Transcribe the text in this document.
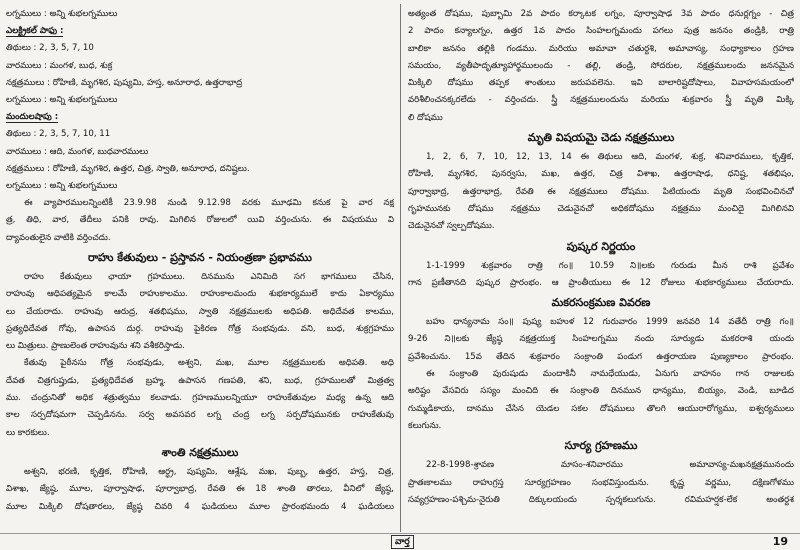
లగ్నములు : అన్ని శుభలగ్నములు
ఎలక్ట్రికల్ పాఫు :
తిథులు : 2, 3, 5, 7, 10
వారములు : మంగళ, బుధ, శుక్ర
నక్షత్రములు : రోహిణి, మృగశిర, పుష్యమి, హస్త, అనూరాధ, ఉత్తరాభాద్ర
లగ్నములు : అన్ని శుభలగ్నములు
మందులషాపు :
తిథులు : 2, 3, 5, 7, 10, 11
వారములు : ఆది, మంగళ, బుధవారములు
నక్షత్రములు : రోహిణి, మృగశిర, ఉత్తర, చిత్ర, స్వాతి, అనూరాధ, దనిష్టలు.
లగ్నములు : అన్ని శుభలగ్నములు
ఈ వ్యాపారములన్నింటికీ 23.9.98 నుండి 9.12.98 వరకు మూఢమి కనుక పై వార నక్ష
త్ర, తిధి, వార, తేదీలు పనికి రావు. మిగిలిన రోజులలో యివి వర్తించును. ఈ విషయము వి
ద్యావంతులైన వాటికి వర్తించదు.
రాహు కేతువులు - ప్రస్తావన - నియంత్రణా ప్రభావము
రాహు కేతువులు ఛాయా గ్రహములు. దినమును ఎనిమిది సగ భాగములు చేసిన,
రాహువు ఆధిపత్యమైన కాలమే రాహుకాలము. రాహుకాలమందు శుభకార్యములే కాదు ఏకార్యము
లు చేయరాదు. రాహువు ఆరుద్ర, శతభిషము, స్వాతి నక్షత్రములకు అధిపతి. అధిదేవత కాలము,
ప్రత్యధిదేవత గోవు, ఉపాసన దుర్గ. రాహువు పైకిరణ గోత్ర సంభవుడు. వని, బుధ, శుక్రగ్రహము
లు మిత్రులు. ప్రాణులెంత రాహువును శని వశీకరిస్తాడు.
కేతువు పైఠీనసు గోత్ర సంభవుడు, అశ్వని, మఖ, మూల నక్షత్రములకు అధిపతి. అధి
దేవత చిత్రగుప్తుడు, ప్రత్యధిదేవత బ్రహ్మ. ఉపాసన గణపతి, శని, బుధ, గ్రహములతో మిత్రత్వ
ము. చంద్రునితో అధిక శత్రుత్వము కలవాడు. గ్రహణములన్నియూ రాహుకేతువుల మధ్య ఉన్న ఆది
కాల సర్పదోషమగా చెప్పడినను. సర్వ అవసవర లగ్న చంద్ర లగ్న సర్పదోషమునకు రాహుకేతువు
లు కారకులు.
శాంతి నక్షత్రములు
అశ్వని, భరణి, కృత్తిక, రోహిణి, ఆర్ధ్ర, పుష్యమి, ఆశ్లేష, మఖ, పుబ్బ, ఉత్తర, హస్త, చిత్ర,
విశాఖ, జ్యేష్ఠ, మూల, పూర్వాషాఢ, పూర్వాభాద్ర, రేవతి ఈ 18 శాంతి తారలు, వీనిలో జ్యేష్ఠ,
మూల మిక్కిలి దోషతారలు, జ్యేష్ఠ చివరి 4 ఘడియలు మూల ప్రారంభమందు 4 ఘడియలు
అత్యంత దోషము, పుబ్బామి 2వ పాదం కర్కాటక లగ్నం, పూర్వాషాఢ 3వ పాదం ధనుర్లగ్నం - చిత్ర
2 పాదం కన్యాలగ్నం, ఉత్తర 1వ పాదం సింహలగ్నమందు పగలు పుత్ర జననం తండ్రికి, రాత్రి
బాలికా జననం తల్లికి గండము. మరియు అమావా చతుర్దశి, అమావాస్య, సంధ్యాకాలం గ్రహణ
సమయం, వ్యతీపాదృత్యూహార్థములందు - తల్లి, తండ్రి, సోదరుల, నక్షత్రములందు జననమైన
మిక్కిలి దోషము తప్పక శాంతులు జరుపవలెను. ఇవి బాలారిష్టదోషాలు, వివాహసమయంలో
వరిశీలించనక్కరలేదు - వర్తించదు. స్త్రీ నక్షత్రములందును మరియు శుక్రవారం స్త్రీ మృతి మిక్కి
లి దోషము
మృతి విషయమై చెడు నక్షత్రములు
1, 2, 6, 7, 10, 12, 13, 14 ఈ తిథులు ఆది, మంగళ, శుక్ర, శనివారములు, కృత్తిక,
రోహిణి, మృగశిర, పునర్వసు, మఖ, ఉత్తర, చిత్ర విశాఖ, ఉత్తరాషాఢ, ధనిష్ట, శతభిషం,
పూర్వాభాద్ర, ఉత్తరాభాద్ర, రేవతి ఈ నక్షత్రములు దోషము. పిటియందు మృతి సంభవించినచో
గృహమునకు దోషము నక్షత్రము చెడునైనచో అధికదోషము నక్షత్రము మంచిదై మిగిలినవి
చెడునైనచో స్వల్పదోషము.
పుష్కర నిర్ణయం
1-1-1999 శుక్రవారం రాత్రి గం॥ 10.59 ని॥లకు గురుడు మీన రాశి ప్రవేశం
గాన ప్రణీతానది పుష్కర ప్రారంభం. ఆ ప్రాంతీయులు ఈ 12 రోజులు శుభకార్యములు చేయరాదు.
మకరసంక్రమణ వివరణ
బహు ధాన్యనామ సం॥ పుష్య బహుళ 12 గురువారం 1999 జనవరి 14 వతేదీ రాత్రి గం॥
9-26 ని॥లకు జ్యేష్ఠ నక్షత్రయుక్త సింహలగ్నము నందు సూర్యుడు మకరరాశి యందు
ప్రవేశించును. 15వ తేదిన శుక్రవారం సంక్రాంతి పండుగ ఉత్తరాయణ పుణ్యకాలం ప్రారంభం.
ఈ సంక్రాంతి పురుషుడు మందాకినీ నామధేయుడు, ఏనుగు వాహనం గాన రాజులకు
అరిష్టం వేసవిరు సస్యం మంచిది ఈ సంక్రాంతి దినమున ధాన్యము, బియ్యం, వెండి, బూడిద
గుమ్మడికాయ, దానము చేసిన యెడల సకల దోషములు తొలగి ఆయురారోగ్యము, ఐశ్వర్యములు
కలుగును.
సూర్య గ్రహణము
22-8-1998-శ్రావణ మాసం-శనివారము అమావాస్య-మఖనక్షత్రమునందు
ప్రాతఃకాలము రాహుగ్రస్త సూర్యగ్రహణం సంభవిస్తుందును. కృష్ణ వర్ణము, దక్షిణగోళము
సవ్యగ్రహణం-పశ్చిమ-నైరుతి దిక్కులయందు స్పర్శకలుగును. రవిమహర్షక-లేక అంతర్దశ
వార్త	19
